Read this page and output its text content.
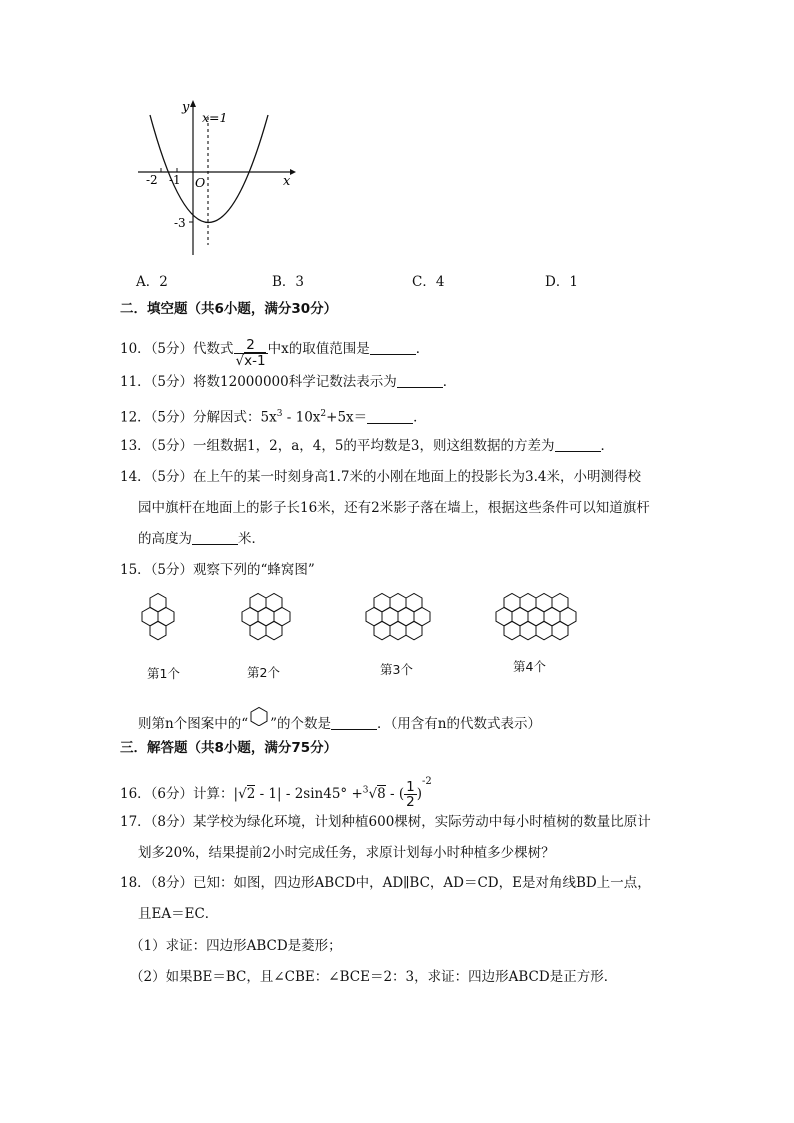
y
x=1
x
O
-2 -1
-3
A．2	B．3	C．4	D．1
二．填空题（共6小题，满分30分）
10．（5分）代数式 $\frac{2}{√x-1}$ 中x的取值范围是	．
11．（5分）将数12000000科学记数法表示为	．
12．（5分）分解因式：$5x^3 - 10x^2+5x=$	．
13．（5分）一组数据1，2，a，4，5的平均数是3，则这组数据的方差为	．
14．（5分）在上午的某一时刻身高1.7米的小刚在地面上的投影长为3.4米，小明测得校
园中旗杆在地面上的影子长16米，还有2米影子落在墙上，根据这些条件可以知道旗杆
的高度为	米．
15．（5分）观察下列的“蜂窝图”
第1个	第2个	第3个	第4个
则第n个图案中的“ ”的个数是	．（用含有n的代数式表示）
三．解答题（共8小题，满分75分）
16．（6分）计算：|√2 - 1| - 2sin45° +$^3$√8 - ( $\frac{1}{2} )^{-2}$
17．（8分）某学校为绿化环境，计划种植600棵树，实际劳动中每小时植树的数量比原计
划多20%，结果提前2小时完成任务，求原计划每小时种植多少棵树？
18．（8分）已知：如图，四边形ABCD中，AD∥BC，AD＝CD，E是对角线BD上一点，
且EA＝EC．
（1）求证：四边形ABCD是菱形；
（2）如果BE＝BC，且∠CBE：∠BCE＝2：3，求证：四边形ABCD是正方形．
